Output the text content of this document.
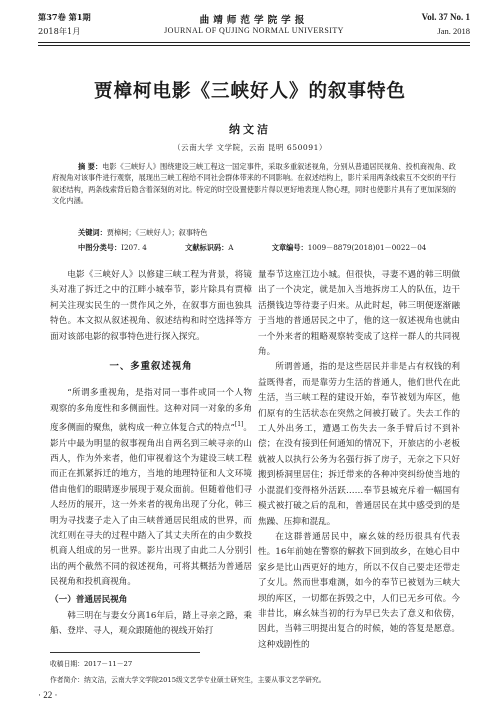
第37卷 第1期
2018年1月
曲靖师范学院学报
JOURNAL OF QUJING NORMAL UNIVERSITY
Vol. 37 No. 1
Jan. 2018
贾樟柯电影《三峡好人》的叙事特色
纳文洁
（云南大学 文学院，云南 昆明 650091）
摘 要：电影《三峡好人》围绕建设三峡工程这一国定事件，采取多重叙述视角，分别从普通居民视角、投机商视角、政府视角对该事件进行观察，展现出三峡工程给不同社会群体带来的不同影响。在叙述结构上，影片采用两条线索互不交织的平行叙述结构，两条线索背后隐含着深刻的对比。特定的时空设置使影片得以更好地表现人物心理，同时也使影片具有了更加深刻的文化内涵。
关键词：贾樟柯；《三峡好人》；叙事特色
中图分类号：I207. 4	文献标识码：A	文章编号：1009－8879(2018)01－0022－04

电影《三峡好人》以修建三峡工程为背景，将镜头对准了拆迁之中的江畔小城奉节，影片除具有贾樟柯关注现实民生的一贯作风之外，在叙事方面也独具特色。本文拟从叙述视角、叙述结构和时空选择等方面对该部电影的叙事特色进行探入探究。

一、多重叙述视角

“所谓多重视角，是指对同一事件或同一个人物观察的多角度性和多侧面性。这种对同一对象的多角度多侧面的聚焦，就构成一种立体复合式的特点”[1]。影片中最为明显的叙事视角出自两名到三峡寻亲的山西人，作为外来者，他们审视着这个为建设三峡工程而正在抓紧拆迁的地方，当地的地理特征和人文环境借由他们的眼睛逐步展现于观众面前。但随着他们寻人经历的展开，这一外来者的视角出现了分化，韩三明为寻找妻子走入了由三峡普通居民组成的世界，而沈红则在寻夫的过程中踏入了其丈夫所在的由少数投机商人组成的另一世界。影片出现了由此二人分别引出的两个截然不同的叙述视角，可将其概括为普通居民视角和投机商视角。

（一）普通居民视角

韩三明在与妻女分离16年后，踏上寻亲之路，乘船、登岸、寻人，观众跟随他的视线开始打

量奉节这座江边小城。但很快，寻妻不遇的韩三明做出了一个决定，就是加入当地拆房工人的队伍，边干活攒钱边等待妻子归来。从此时起，韩三明便逐渐融于当地的普通居民之中了，他的这一叙述视角也就由一个外来者的粗略观察转变成了这样一群人的共同视角。

所谓普通，指的是这些居民并非是占有权钱的利益既得者，而是靠劳力生活的普通人，他们世代在此生活，当三峡工程的建设开始，奉节被划为库区，他们原有的生活状态在突然之间被打破了。失去工作的工人外出务工，遭遇工伤失去一条手臂后讨不到补偿；在没有接到任何通知的情况下，开旅店的小老板就被人以执行公务为名强行拆了房子，无奈之下只好搬到桥洞里居住；拆迁带来的各种冲突纠纷使当地的小混混们变得格外活跃……奉节县城充斥着一幅国有模式被打破之后的乱和，普通居民在其中感受到的是焦躁、压抑和混乱。

在这群普通居民中，麻幺妹的经历很具有代表性。16年前她在警察的解救下回到故乡，在她心目中家乡是比山西更好的地方，所以不仅自己要走还带走了女儿。然而世事难测，如今的奉节已被划为三峡大坝的库区，一切都在拆毁之中，人们已无乡可依。今非昔比，麻幺妹当初的行为早已失去了意义和依傍，因此，当韩三明提出复合的时候，她的答复是愿意。这种戏剧性的

收稿日期：2017－11－27
作者简介：纳文洁，云南大学文学院2015级文艺学专业硕士研究生，主要从事文艺学研究。
· 22 ·
